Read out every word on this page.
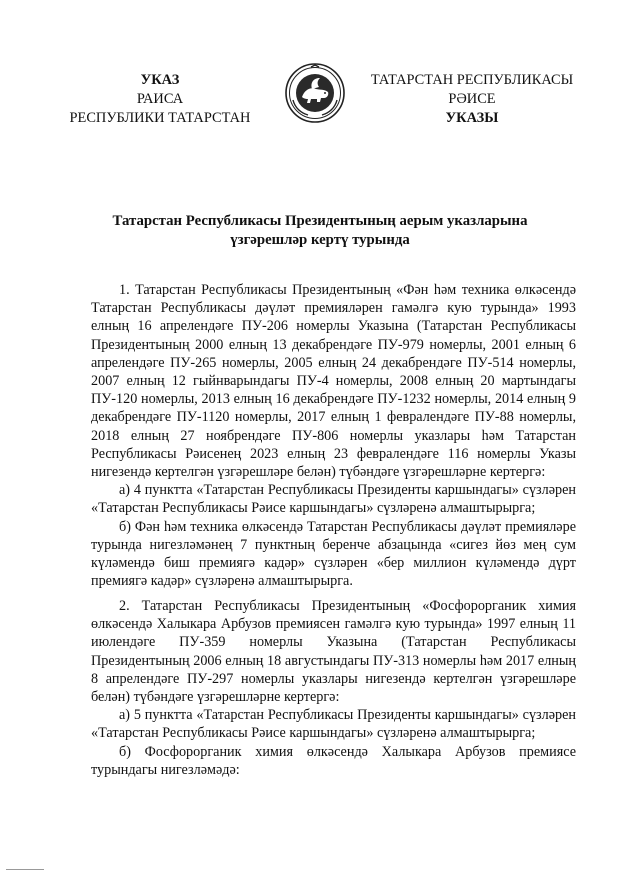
УКАЗ
РАИСА
РЕСПУБЛИКИ ТАТАРСТАН
ТАТАРСТАН РЕСПУБЛИКАСЫ
РӘИСЕ
УКАЗЫ
Татарстан Республикасы Президентының аерым указларына
үзгәрешләр кертү турында

1. Татарстан Республикасы Президентының «Фән һәм техника өлкәсендә Татарстан Республикасы дәүләт премияләрен гамәлгә кую турында» 1993 елның 16 апрелендәге ПУ-206 номерлы Указына (Татарстан Республикасы Президентының 2000 елның 13 декабрендәге ПУ-979 номерлы, 2001 елның 6 апрелендәге ПУ-265 номерлы, 2005 елның 24 декабрендәге ПУ-514 номерлы, 2007 елның 12 гыйнварындагы ПУ-4 номерлы, 2008 елның 20 мартындагы ПУ-120 номерлы, 2013 елның 16 декабрендәге ПУ-1232 номерлы, 2014 елның 9 декабрендәге ПУ-1120 номерлы, 2017 елның 1 февралендәге ПУ-88 номерлы, 2018 елның 27 ноябрендәге ПУ-806 номерлы указлары һәм Татарстан Республикасы Рәисенең 2023 елның 23 февралендәге 116 номерлы Указы нигезендә кертелгән үзгәрешләре белән) түбәндәге үзгәрешләрне кертергә:

а) 4 пунктта «Татарстан Республикасы Президенты каршындагы» сүзләрен «Татарстан Республикасы Рәисе каршындагы» сүзләренә алмаштырырга;

б) Фән һәм техника өлкәсендә Татарстан Республикасы дәүләт премияләре турында нигезләмәнең 7 пунктның беренче абзацында «сигез йөз мең сум күләмендә биш премиягә кадәр» сүзләрен «бер миллион күләмендә дүрт премиягә кадәр» сүзләренә алмаштырырга.

2. Татарстан Республикасы Президентының «Фосфорорганик химия өлкәсендә Халыкара Арбузов премиясен гамәлгә кую турында» 1997 елның 11 июлендәге ПУ-359 номерлы Указына (Татарстан Республикасы Президентының 2006 елның 18 августындагы ПУ-313 номерлы һәм 2017 елның 8 апрелендәге ПУ-297 номерлы указлары нигезендә кертелгән үзгәрешләре белән) түбәндәге үзгәрешләрне кертергә:

а) 5 пунктта «Татарстан Республикасы Президенты каршындагы» сүзләрен «Татарстан Республикасы Рәисе каршындагы» сүзләренә алмаштырырга;

б) Фосфорорганик химия өлкәсендә Халыкара Арбузов премиясе турындагы нигезләмәдә:
